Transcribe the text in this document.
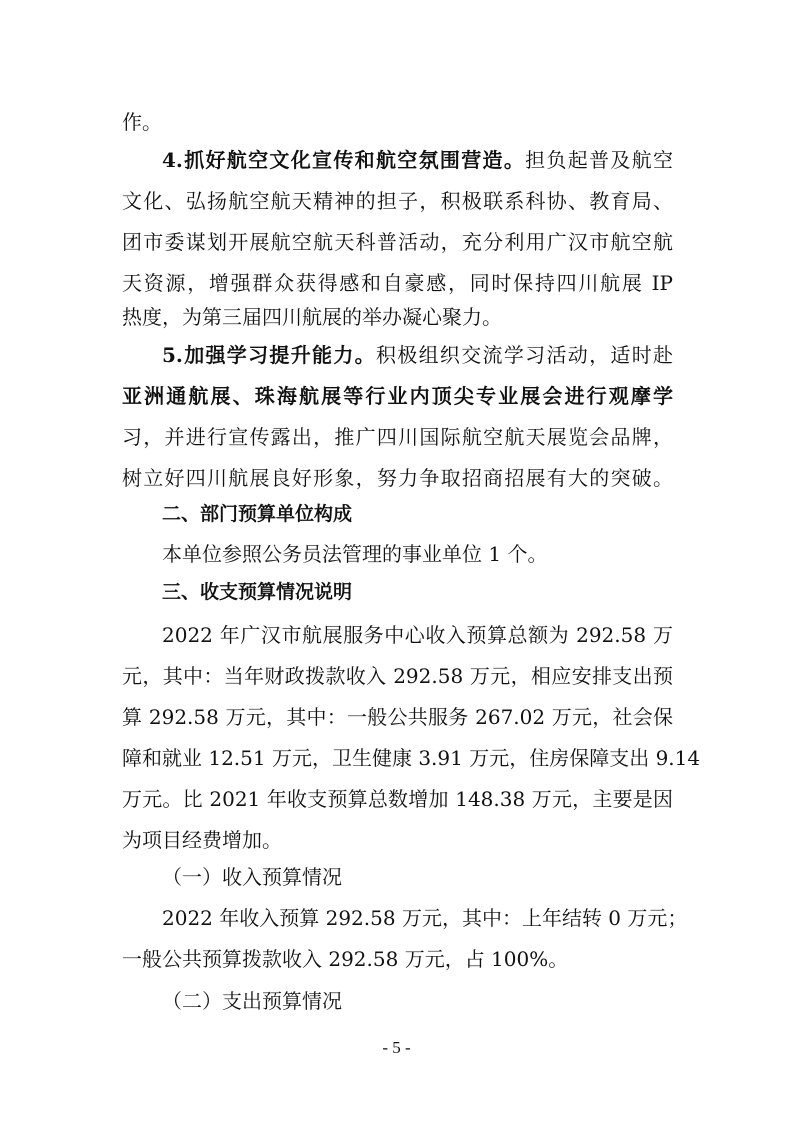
作。
4.抓好航空文化宣传和航空氛围营造。担负起普及航空
文化、弘扬航空航天精神的担子，积极联系科协、教育局、
团市委谋划开展航空航天科普活动，充分利用广汉市航空航
天资源，增强群众获得感和自豪感，同时保持四川航展 IP
热度，为第三届四川航展的举办凝心聚力。
5.加强学习提升能力。积极组织交流学习活动，适时赴
亚洲通航展、珠海航展等行业内顶尖专业展会进行观摩学
习，并进行宣传露出，推广四川国际航空航天展览会品牌，
树立好四川航展良好形象，努力争取招商招展有大的突破。
二、部门预算单位构成
本单位参照公务员法管理的事业单位 1 个。
三、收支预算情况说明
2022 年广汉市航展服务中心收入预算总额为 292.58 万
元，其中：当年财政拨款收入 292.58 万元，相应安排支出预
算 292.58 万元，其中：一般公共服务 267.02 万元，社会保
障和就业 12.51 万元，卫生健康 3.91 万元，住房保障支出 9.14
万元。比 2021 年收支预算总数增加 148.38 万元，主要是因
为项目经费增加。
（一）收入预算情况
2022 年收入预算 292.58 万元，其中：上年结转 0 万元；
一般公共预算拨款收入 292.58 万元，占 100%。
（二）支出预算情况
- 5 -
